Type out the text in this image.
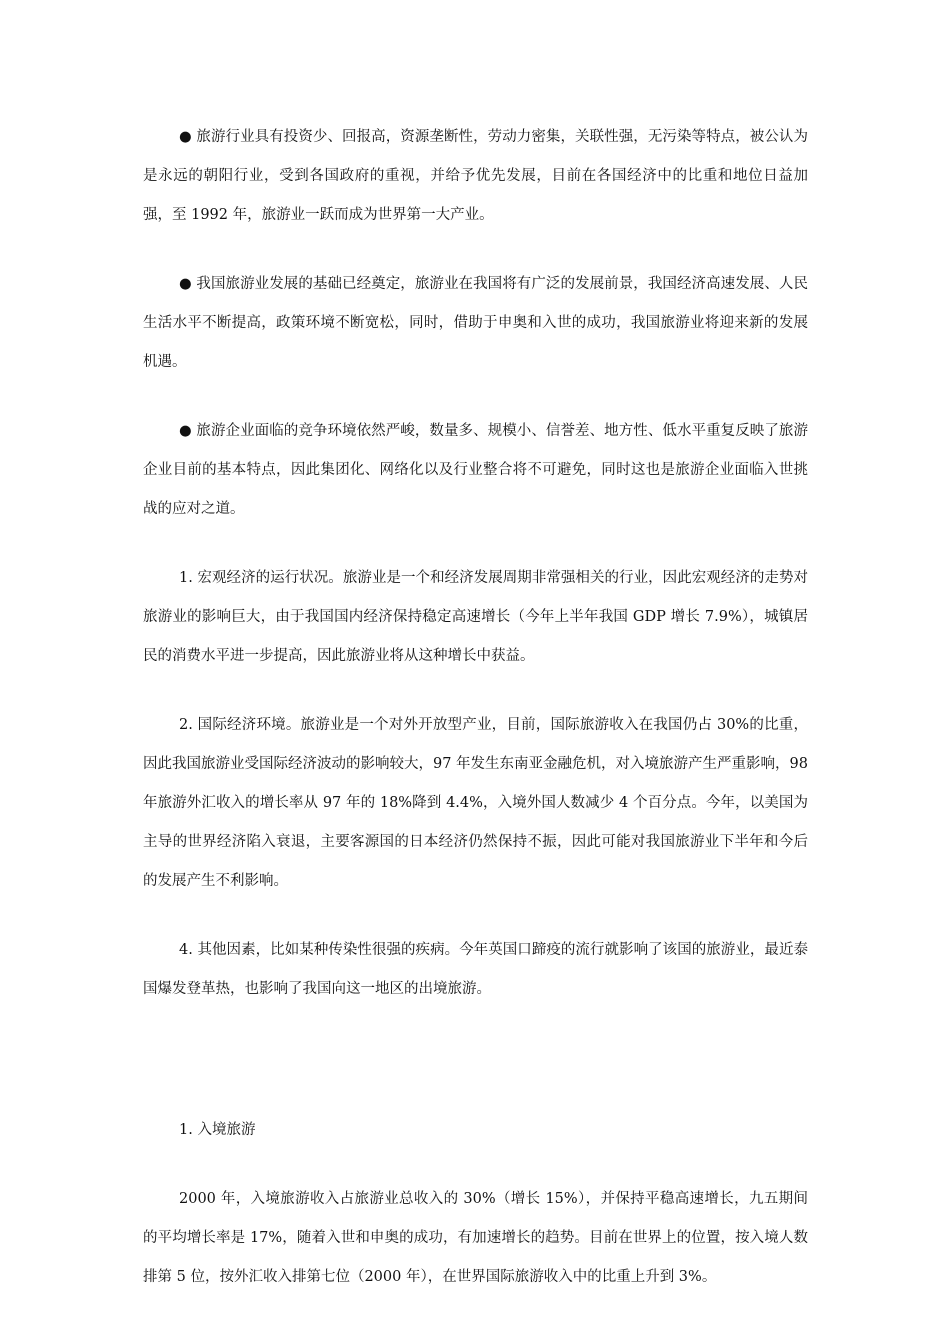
● 旅游行业具有投资少、回报高，资源垄断性，劳动力密集，关联性强，无污染等特点，被公认为是永远的朝阳行业，受到各国政府的重视，并给予优先发展，目前在各国经济中的比重和地位日益加强，至 1992 年，旅游业一跃而成为世界第一大产业。

● 我国旅游业发展的基础已经奠定，旅游业在我国将有广泛的发展前景，我国经济高速发展、人民生活水平不断提高，政策环境不断宽松，同时，借助于申奥和入世的成功，我国旅游业将迎来新的发展机遇。

● 旅游企业面临的竞争环境依然严峻，数量多、规模小、信誉差、地方性、低水平重复反映了旅游企业目前的基本特点，因此集团化、网络化以及行业整合将不可避免，同时这也是旅游企业面临入世挑战的应对之道。

1. 宏观经济的运行状况。旅游业是一个和经济发展周期非常强相关的行业，因此宏观经济的走势对旅游业的影响巨大，由于我国国内经济保持稳定高速增长（今年上半年我国 GDP 增长 7.9%），城镇居民的消费水平进一步提高，因此旅游业将从这种增长中获益。

2. 国际经济环境。旅游业是一个对外开放型产业，目前，国际旅游收入在我国仍占 30%的比重，因此我国旅游业受国际经济波动的影响较大，97 年发生东南亚金融危机，对入境旅游产生严重影响，98 年旅游外汇收入的增长率从 97 年的 18%降到 4.4%，入境外国人数减少 4 个百分点。今年，以美国为主导的世界经济陷入衰退，主要客源国的日本经济仍然保持不振，因此可能对我国旅游业下半年和今后的发展产生不利影响。

4. 其他因素，比如某种传染性很强的疾病。今年英国口蹄疫的流行就影响了该国的旅游业，最近泰国爆发登革热，也影响了我国向这一地区的出境旅游。

1. 入境旅游

2000 年，入境旅游收入占旅游业总收入的 30%（增长 15%），并保持平稳高速增长，九五期间的平均增长率是 17%，随着入世和申奥的成功，有加速增长的趋势。目前在世界上的位置，按入境人数排第 5 位，按外汇收入排第七位（2000 年），在世界国际旅游收入中的比重上升到 3%。
